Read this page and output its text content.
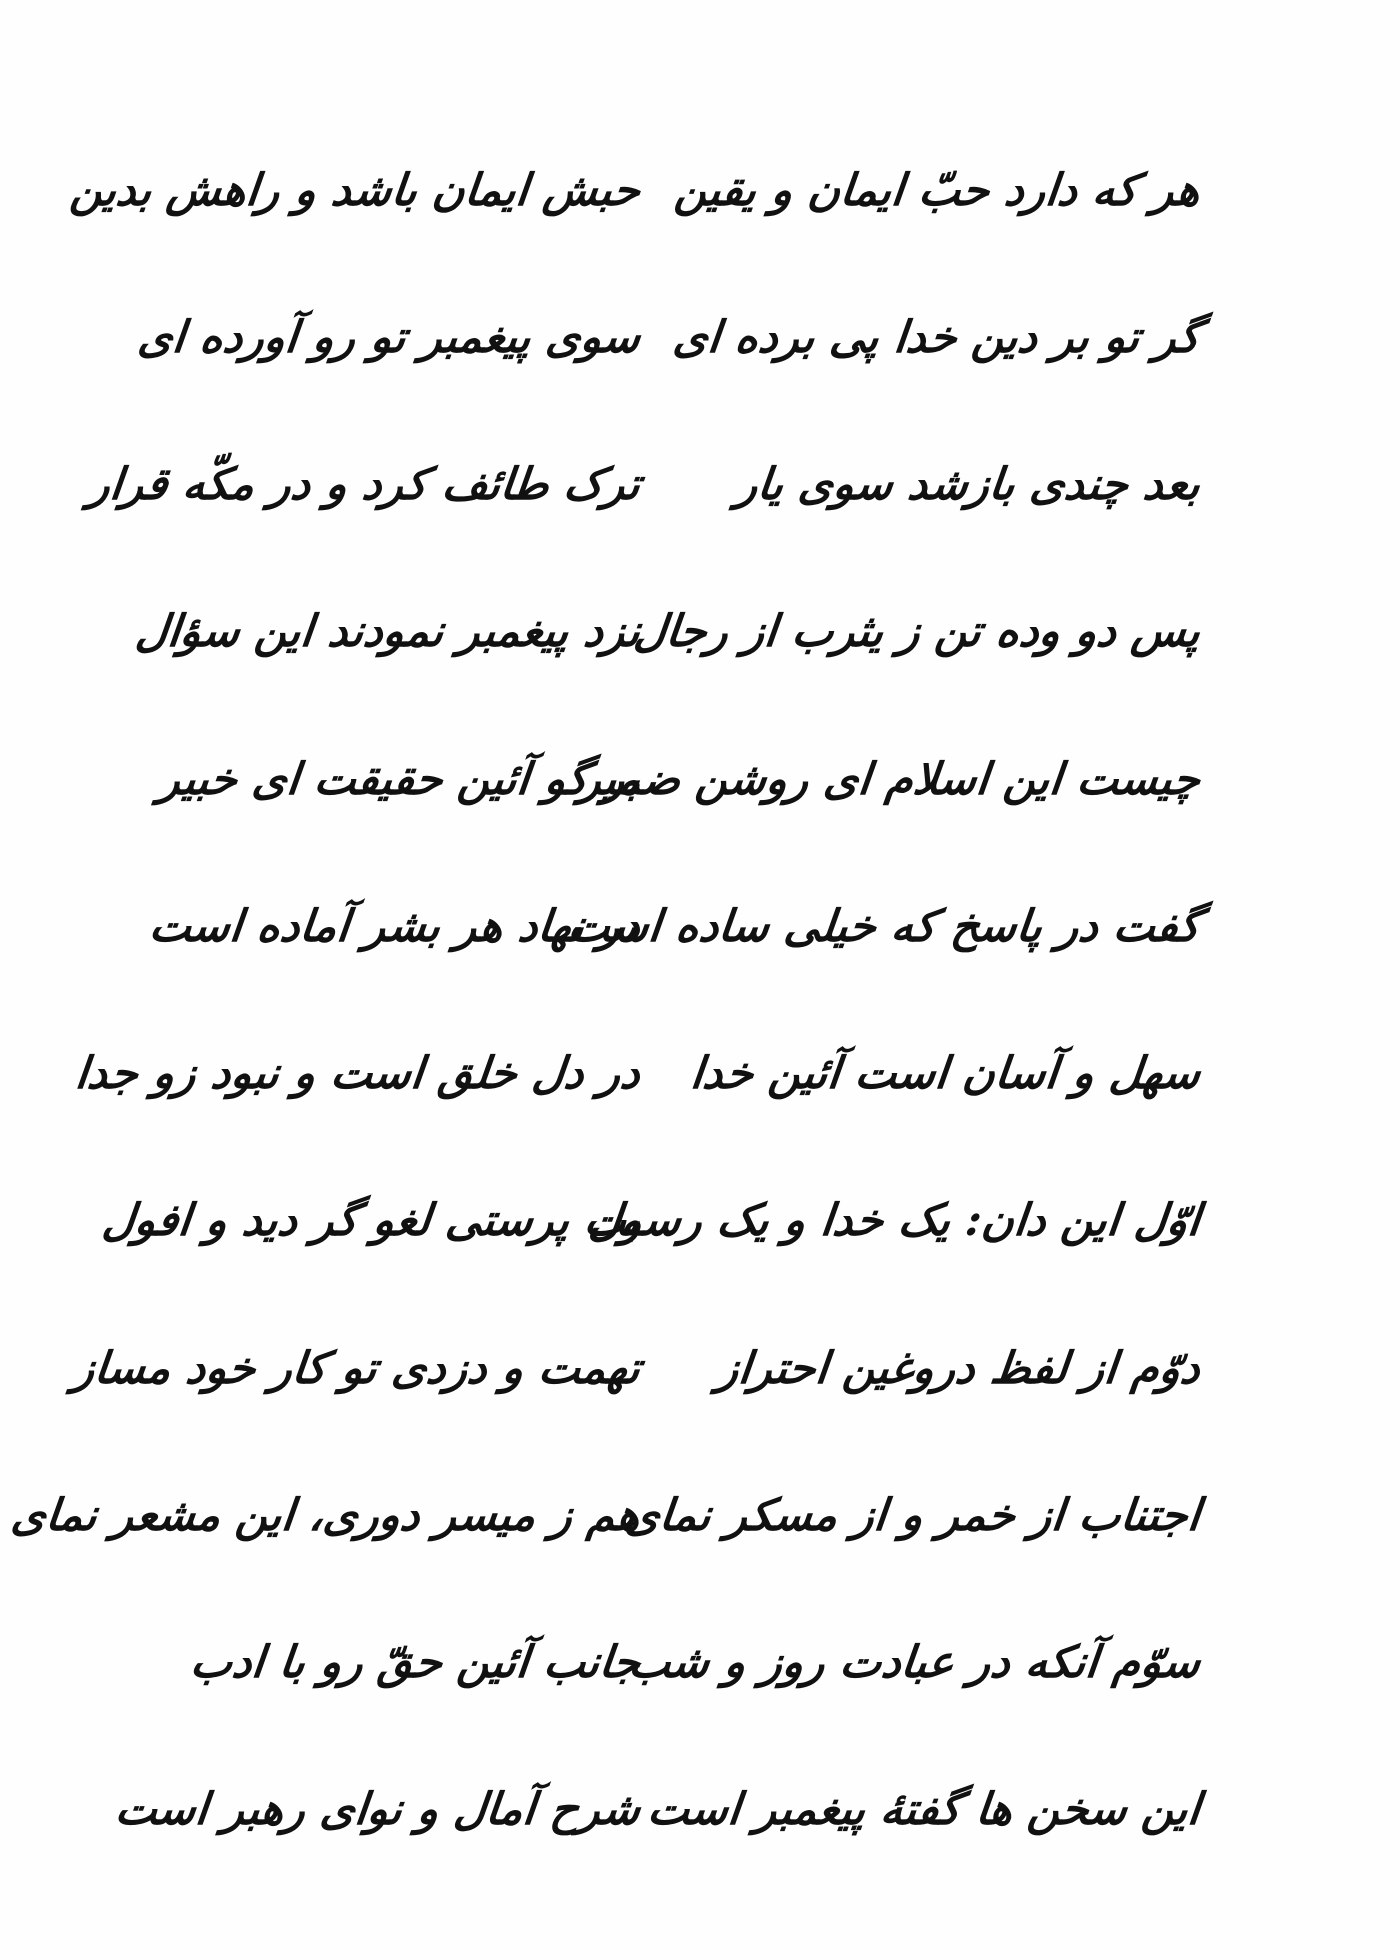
هر که دارد حبّ ایمان و یقین
حبش ایمان باشد و راهش بدین
گر تو بر دین خدا پی برده ای
سوی پیغمبر تو رو آورده ای
بعد چندی بازشد سوی یار
ترک طائف کرد و در مکّه قرار
پس دو وده تن ز یثرب از رجال
نزد پیغمبر نمودند این سؤال
چیست این اسلام ای روشن ضمیر
بر گو آئین حقیقت ای خبیر
گفت در پاسخ که خیلی ساده است
در نهاد هر بشر آماده است
سهل و آسان است آئین خدا
در دل خلق است و نبود زو جدا
اوّل این دان: یک خدا و یک رسول
بت پرستی لغو گر دید و افول
دوّم از لفظ دروغین احتراز
تهمت و دزدی تو کار خود مساز
اجتناب از خمر و از مسکر نمای
هم ز میسر دوری، این مشعر نمای
سوّم آنکه در عبادت روز و شب
جانب آئین حقّ رو با ادب
این سخن ها گفتهٔ پیغمبر است
شرح آمال و نوای رهبر است
